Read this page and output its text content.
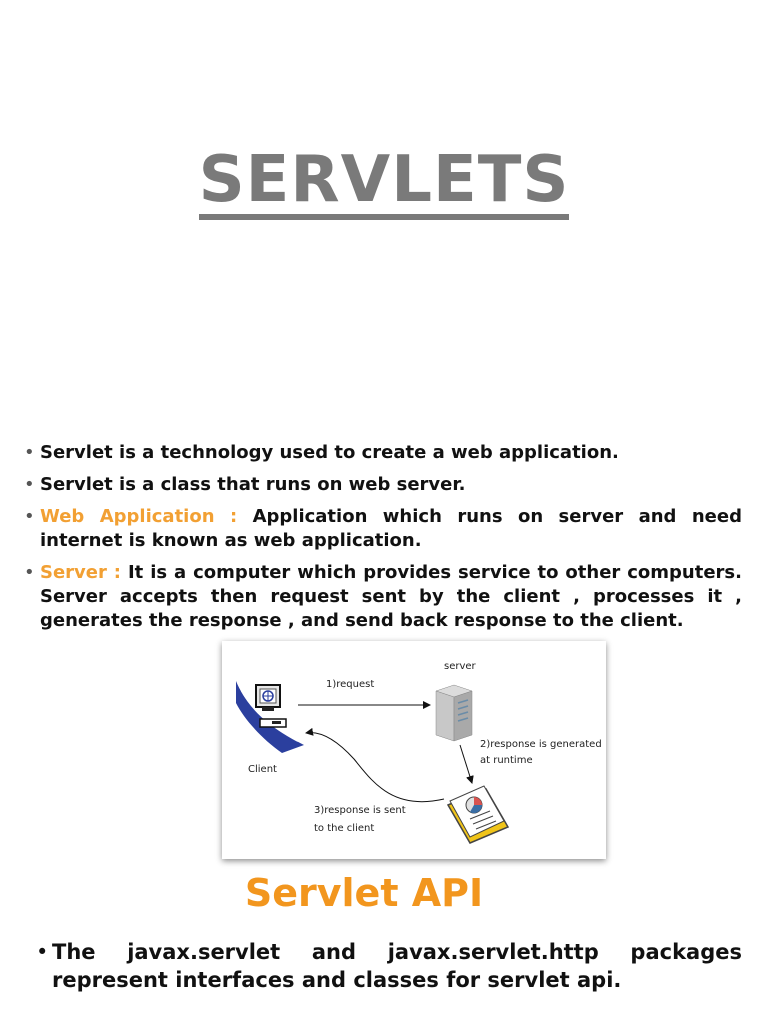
SERVLETS
• Servlet is a technology used to create a web application.
• Servlet is a class that runs on web server.
• Web Application : Application which runs on server and need internet is known as web application.
• Server : It is a computer which provides service to other computers. Server accepts then request sent by the client , processes it , generates the response , and send back response to the client.
server
1)request
Client
2)response is generated
at runtime
3)response is sent
to the client
Servlet API
• The javax.servlet and javax.servlet.http packages represent interfaces and classes for servlet api.
